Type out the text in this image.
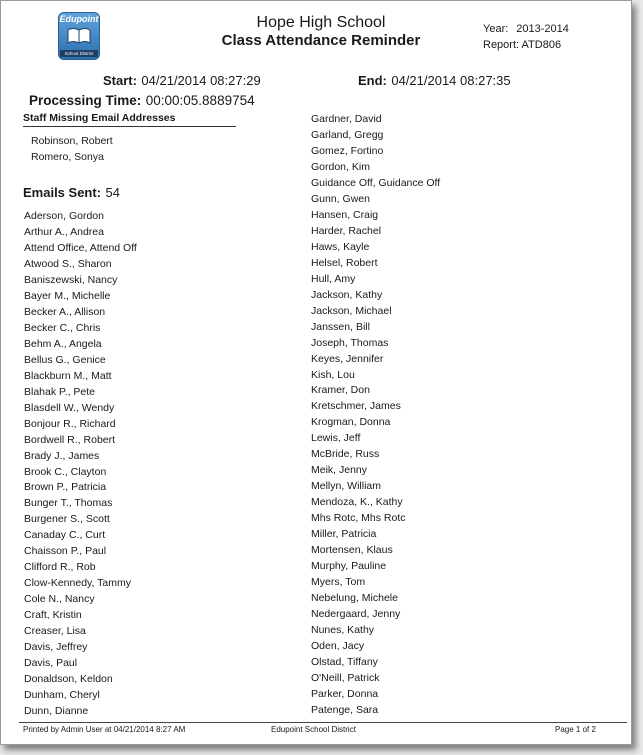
Edupoint
School District
Hope High School
Class Attendance Reminder
Year: 2013-2014
Report: ATD806
Start: 04/21/2014 08:27:29	End: 04/21/2014 08:27:35
Processing Time: 00:00:05.8889754
Staff Missing Email Addresses
Robinson, Robert
Romero, Sonya
Emails Sent: 54
Aderson, Gordon
Arthur A., Andrea
Attend Office, Attend Off
Atwood S., Sharon
Baniszewski, Nancy
Bayer M., Michelle
Becker A., Allison
Becker C., Chris
Behm A., Angela
Bellus G., Genice
Blackburn M., Matt
Blahak P., Pete
Blasdell W., Wendy
Bonjour R., Richard
Bordwell R., Robert
Brady J., James
Brook C., Clayton
Brown P., Patricia
Bunger T., Thomas
Burgener S., Scott
Canaday C., Curt
Chaisson P., Paul
Clifford R., Rob
Clow-Kennedy, Tammy
Cole N., Nancy
Craft, Kristin
Creaser, Lisa
Davis, Jeffrey
Davis, Paul
Donaldson, Keldon
Dunham, Cheryl
Dunn, Dianne
Gardner, David
Garland, Gregg
Gomez, Fortino
Gordon, Kim
Guidance Off, Guidance Off
Gunn, Gwen
Hansen, Craig
Harder, Rachel
Haws, Kayle
Helsel, Robert
Hull, Amy
Jackson, Kathy
Jackson, Michael
Janssen, Bill
Joseph, Thomas
Keyes, Jennifer
Kish, Lou
Kramer, Don
Kretschmer, James
Krogman, Donna
Lewis, Jeff
McBride, Russ
Meik, Jenny
Mellyn, William
Mendoza, K., Kathy
Mhs Rotc, Mhs Rotc
Miller, Patricia
Mortensen, Klaus
Murphy, Pauline
Myers, Tom
Nebelung, Michele
Nedergaard, Jenny
Nunes, Kathy
Oden, Jacy
Olstad, Tiffany
O'Neill, Patrick
Parker, Donna
Patenge, Sara
Printed by Admin User at 04/21/2014 8:27 AM	Edupoint School District	Page 1 of 2
